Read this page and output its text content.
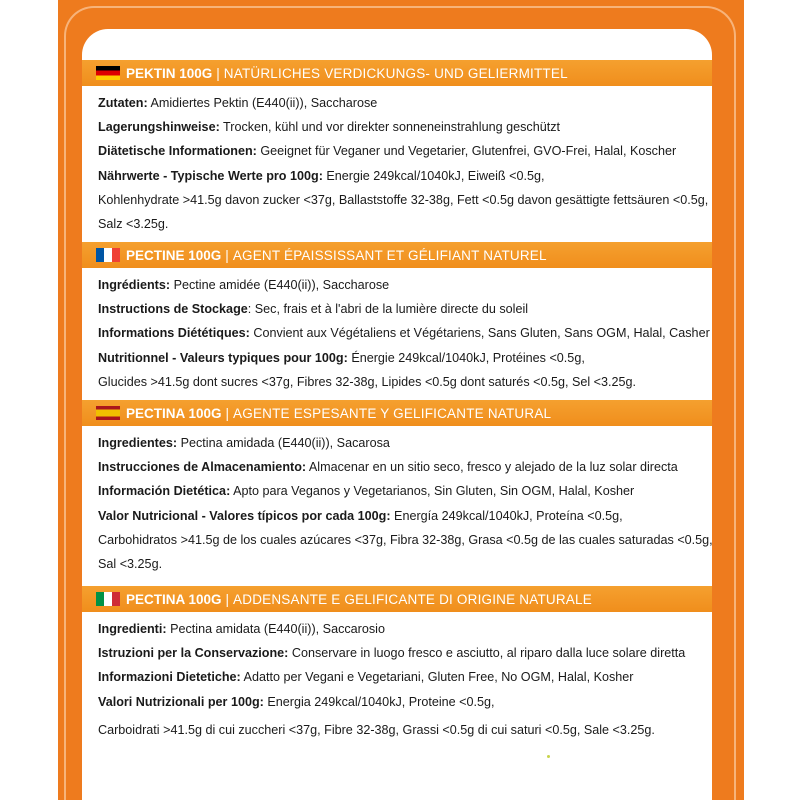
PEKTIN 100G | NATÜRLICHES VERDICKUNGS- UND GELIERMITTEL
Zutaten: Amidiertes Pektin (E440(ii)), Saccharose
Lagerungshinweise: Trocken, kühl und vor direkter sonneneinstrahlung geschützt
Diätetische Informationen: Geeignet für Veganer und Vegetarier, Glutenfrei, GVO-Frei, Halal, Koscher
Nährwerte - Typische Werte pro 100g: Energie 249kcal/1040kJ, Eiweiß <0.5g,
Kohlenhydrate >41.5g davon zucker <37g, Ballaststoffe 32-38g, Fett <0.5g davon gesättigte fettsäuren <0.5g,
Salz <3.25g.
PECTINE 100G | AGENT ÉPAISSISSANT ET GÉLIFIANT NATUREL
Ingrédients: Pectine amidée (E440(ii)), Saccharose
Instructions de Stockage: Sec, frais et à l'abri de la lumière directe du soleil
Informations Diététiques: Convient aux Végétaliens et Végétariens, Sans Gluten, Sans OGM, Halal, Casher
Nutritionnel - Valeurs typiques pour 100g: Énergie 249kcal/1040kJ, Protéines <0.5g,
Glucides >41.5g dont sucres <37g, Fibres 32-38g, Lipides <0.5g dont saturés <0.5g, Sel <3.25g.
PECTINA 100G | AGENTE ESPESANTE Y GELIFICANTE NATURAL
Ingredientes: Pectina amidada (E440(ii)), Sacarosa
Instrucciones de Almacenamiento: Almacenar en un sitio seco, fresco y alejado de la luz solar directa
Información Dietética: Apto para Veganos y Vegetarianos, Sin Gluten, Sin OGM, Halal, Kosher
Valor Nutricional - Valores típicos por cada 100g: Energía 249kcal/1040kJ, Proteína <0.5g,
Carbohidratos >41.5g de los cuales azúcares <37g, Fibra 32-38g, Grasa <0.5g de las cuales saturadas <0.5g,
Sal <3.25g.
PECTINA 100G | ADDENSANTE E GELIFICANTE DI ORIGINE NATURALE
Ingredienti: Pectina amidata (E440(ii)), Saccarosio
Istruzioni per la Conservazione: Conservare in luogo fresco e asciutto, al riparo dalla luce solare diretta
Informazioni Dietetiche: Adatto per Vegani e Vegetariani, Gluten Free, No OGM, Halal, Kosher
Valori Nutrizionali per 100g: Energia 249kcal/1040kJ, Proteine <0.5g,
Carboidrati >41.5g di cui zuccheri <37g, Fibre 32-38g, Grassi <0.5g di cui saturi <0.5g, Sale <3.25g.
